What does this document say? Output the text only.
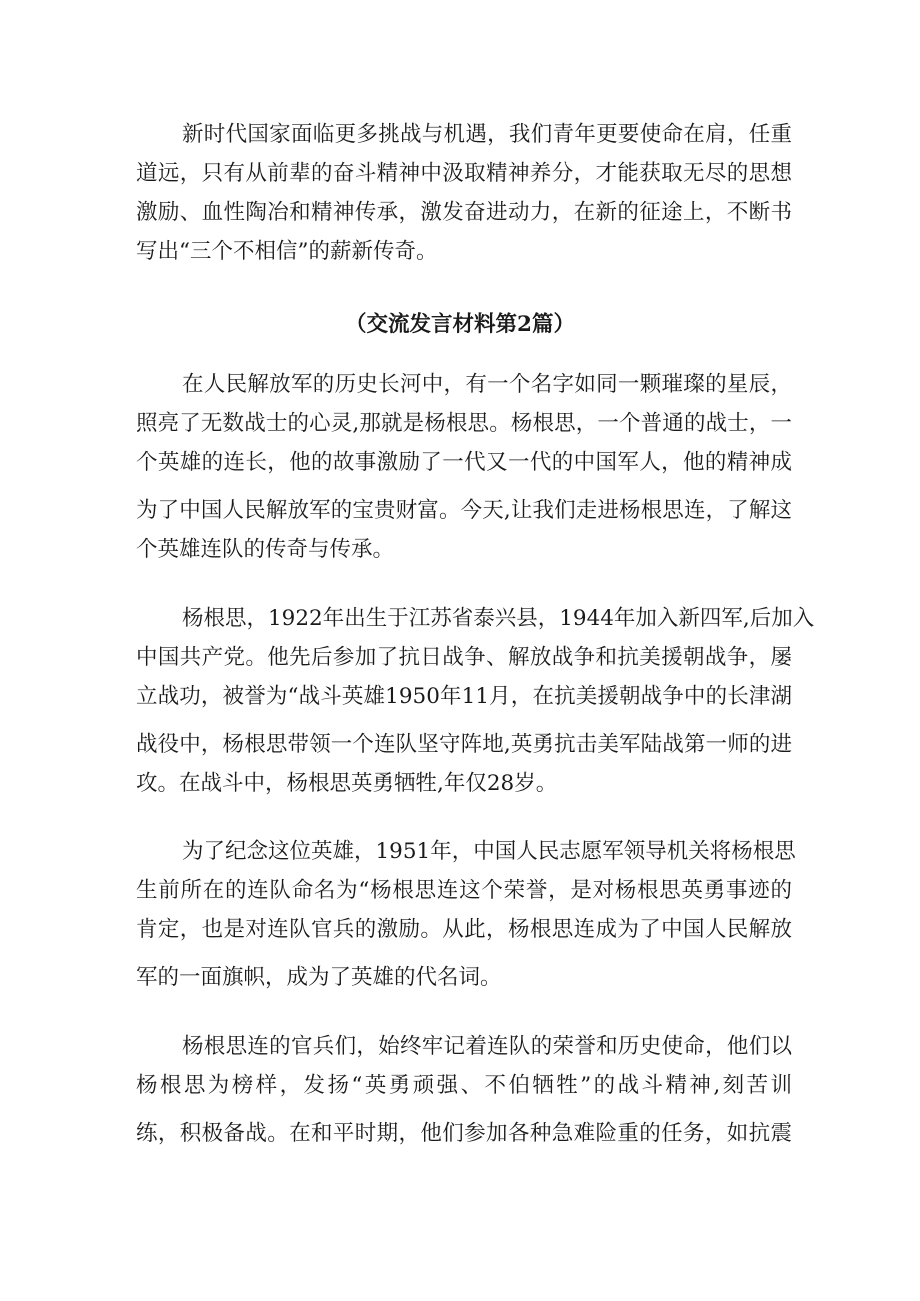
新时代国家面临更多挑战与机遇，我们青年更要使命在肩，任重
道远，只有从前辈的奋斗精神中汲取精神养分，才能获取无尽的思想
激励、血性陶冶和精神传承，激发奋进动力，在新的征途上，不断书
写出“三个不相信”的薪新传奇。
（交流发言材料第2篇）
在人民解放军的历史长河中，有一个名字如同一颗璀璨的星辰，
照亮了无数战士的心灵,那就是杨根思。杨根思，一个普通的战士，一
个英雄的连长，他的故事激励了一代又一代的中国军人，他的精神成
为了中国人民解放军的宝贵财富。今天,让我们走进杨根思连，了解这
个英雄连队的传奇与传承。
杨根思，1922年出生于江苏省泰兴县，1944年加入新四军,后加入
中国共产党。他先后参加了抗日战争、解放战争和抗美援朝战争，屡
立战功，被誉为“战斗英雄1950年11月，在抗美援朝战争中的长津湖
战役中，杨根思带领一个连队坚守阵地,英勇抗击美军陆战第一师的进
攻。在战斗中，杨根思英勇牺牲,年仅28岁。
为了纪念这位英雄，1951年，中国人民志愿军领导机关将杨根思
生前所在的连队命名为“杨根思连这个荣誉，是对杨根思英勇事迹的
肯定，也是对连队官兵的激励。从此，杨根思连成为了中国人民解放
军的一面旗帜，成为了英雄的代名词。
杨根思连的官兵们，始终牢记着连队的荣誉和历史使命，他们以
杨根思为榜样，发扬“英勇顽强、不伯牺牲”的战斗精神,刻苦训
练，积极备战。在和平时期，他们参加各种急难险重的任务，如抗震
